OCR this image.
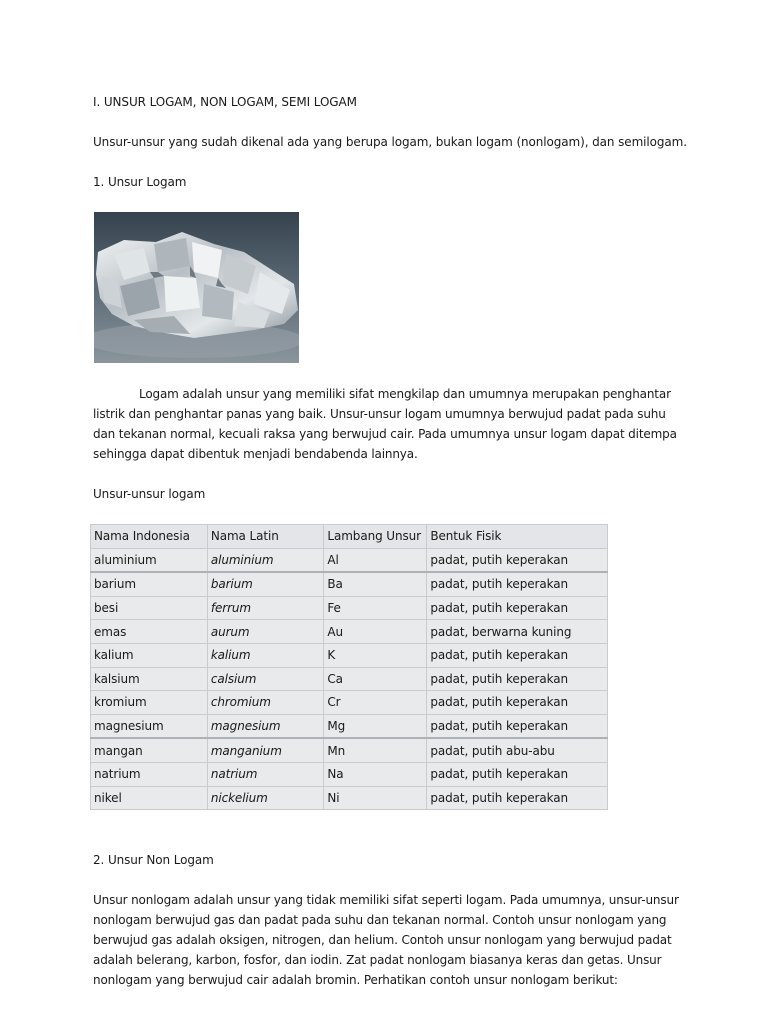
I. UNSUR LOGAM, NON LOGAM, SEMI LOGAM

Unsur-unsur yang sudah dikenal ada yang berupa logam, bukan logam (nonlogam), dan semilogam.

1. Unsur Logam

Logam adalah unsur yang memiliki sifat mengkilap dan umumnya merupakan penghantar
listrik dan penghantar panas yang baik. Unsur-unsur logam umumnya berwujud padat pada suhu
dan tekanan normal, kecuali raksa yang berwujud cair. Pada umumnya unsur logam dapat ditempa
sehingga dapat dibentuk menjadi bendabenda lainnya.

Unsur-unsur logam

Nama Indonesia	Nama Latin	Lambang Unsur	Bentuk Fisik
aluminium	aluminium	Al	padat, putih keperakan
barium	barium	Ba	padat, putih keperakan
besi	ferrum	Fe	padat, putih keperakan
emas	aurum	Au	padat, berwarna kuning
kalium	kalium	K	padat, putih keperakan
kalsium	calsium	Ca	padat, putih keperakan
kromium	chromium	Cr	padat, putih keperakan
magnesium	magnesium	Mg	padat, putih keperakan
mangan	manganium	Mn	padat, putih abu-abu
natrium	natrium	Na	padat, putih keperakan
nikel	nickelium	Ni	padat, putih keperakan

2. Unsur Non Logam

Unsur nonlogam adalah unsur yang tidak memiliki sifat seperti logam. Pada umumnya, unsur-unsur
nonlogam berwujud gas dan padat pada suhu dan tekanan normal. Contoh unsur nonlogam yang
berwujud gas adalah oksigen, nitrogen, dan helium. Contoh unsur nonlogam yang berwujud padat
adalah belerang, karbon, fosfor, dan iodin. Zat padat nonlogam biasanya keras dan getas. Unsur
nonlogam yang berwujud cair adalah bromin. Perhatikan contoh unsur nonlogam berikut:
